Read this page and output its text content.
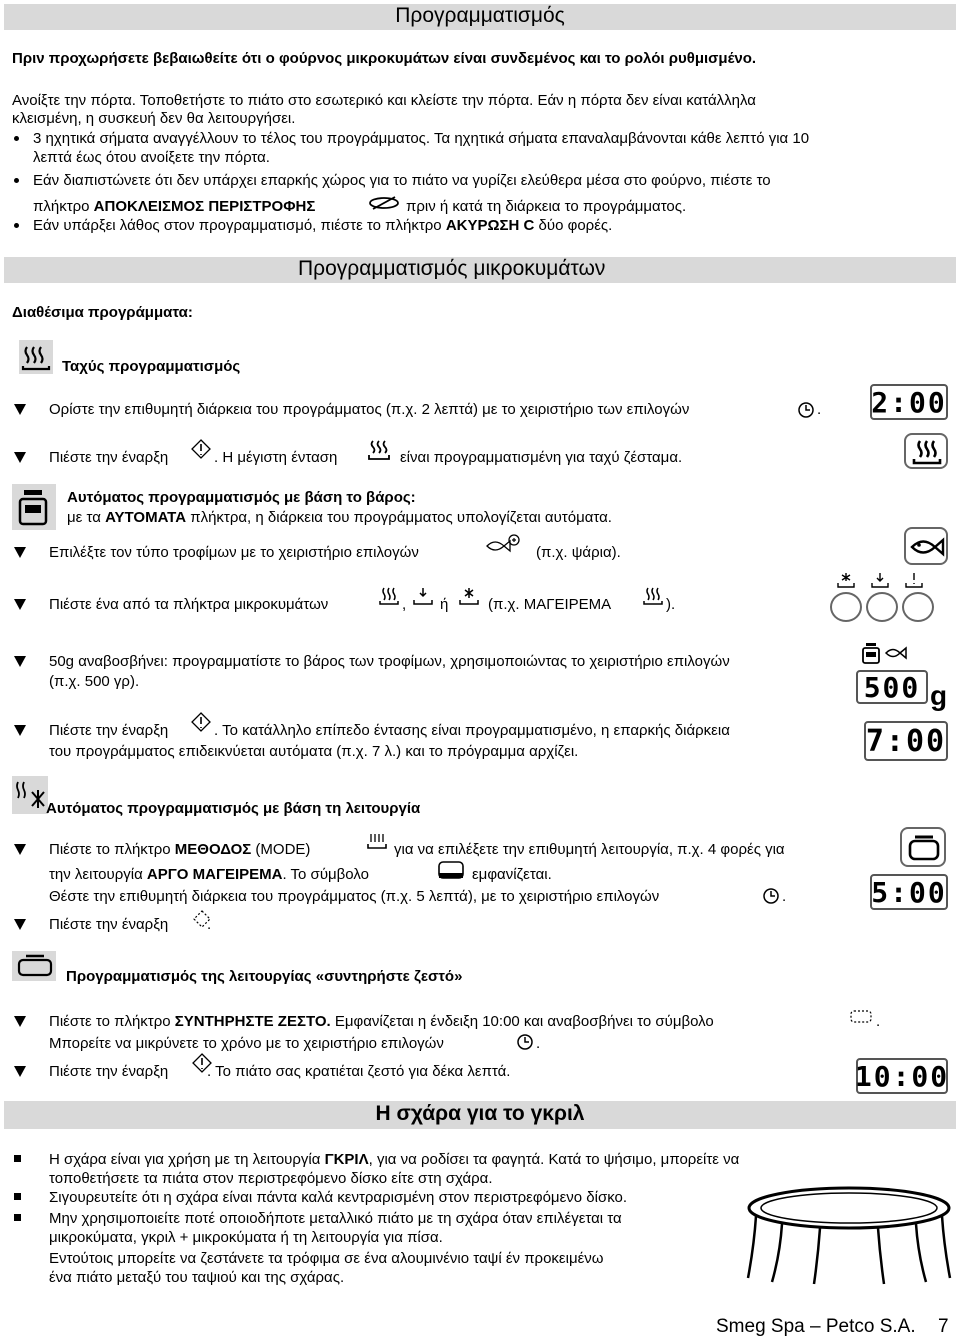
Προγραμματισμός
Πριν προχωρήσετε βεβαιωθείτε ότι ο φούρνος μικροκυμάτων είναι συνδεμένος και το ρολόι ρυθμισμένο.
Ανοίξτε την πόρτα. Τοποθετήστε το πιάτο στο εσωτερικό και κλείστε την πόρτα. Εάν η πόρτα δεν είναι κατάλληλα
κλεισμένη, η συσκευή δεν θα λειτουργήσει.
3 ηχητικά σήματα αναγγέλλουν το τέλος του προγράμματος. Τα ηχητικά σήματα επαναλαμβάνονται κάθε λεπτό για 10
λεπτά έως ότου ανοίξετε την πόρτα.
Εάν διαπιστώνετε ότι δεν υπάρχει επαρκής χώρος για το πιάτο να γυρίζει ελεύθερα μέσα στο φούρνο, πιέστε το
πλήκτρο ΑΠΟΚΛΕΙΣΜΟΣ ΠΕΡΙΣΤΡΟΦΗΣ	πριν ή κατά τη διάρκεια το προγράμματος.
Εάν υπάρξει λάθος στον προγραμματισμό, πιέστε το πλήκτρο ΑΚΥΡΩΣΗ C δύο φορές.
Προγραμματισμός μικροκυμάτων
Διαθέσιμα προγράμματα:
Ταχύς προγραμματισμός
Ορίστε την επιθυμητή διάρκεια του προγράμματος (π.χ. 2 λεπτά) με το χειριστήριο των επιλογών	. 2:00
Πιέστε την έναρξη	. Η μέγιστη ένταση	είναι προγραμματισμένη για ταχύ ζέσταμα.
Αυτόματος προγραμματισμός με βάση το βάρος:
με τα ΑΥΤΟΜΑΤΑ πλήκτρα, η διάρκεια του προγράμματος υπολογίζεται αυτόματα.
Επιλέξτε τον τύπο τροφίμων με το χειριστήριο επιλογών	(π.χ. ψάρια).
Πιέστε ένα από τα πλήκτρα μικροκυμάτων	, ή	(π.χ. ΜΑΓΕΙΡΕΜΑ	).
50g αναβοσβήνει: προγραμματίστε το βάρος των τροφίμων, χρησιμοποιώντας το χειριστήριο επιλογών
(π.χ. 500 γρ).	500 g
Πιέστε την έναρξη	. Το κατάλληλο επίπεδο έντασης είναι προγραμματισμένο, η επαρκής διάρκεια
του προγράμματος επιδεικνύεται αυτόματα (π.χ. 7 λ.) και το πρόγραμμα αρχίζει.	7:00
Αυτόματος προγραμματισμός με βάση τη λειτουργία
Πιέστε το πλήκτρο ΜΕΘΟΔΟΣ (MODE)	για να επιλέξετε την επιθυμητή λειτουργία, π.χ. 4 φορές για
την λειτουργία ΑΡΓΟ ΜΑΓΕΙΡΕΜΑ. Το σύμβολο	εμφανίζεται.
Θέστε την επιθυμητή διάρκεια του προγράμματος (π.χ. 5 λεπτά), με το χειριστήριο επιλογών	.	5:00
Πιέστε την έναρξη	.
Προγραμματισμός της λειτουργίας «συντηρήστε ζεστό»
Πιέστε το πλήκτρο ΣΥΝΤΗΡΗΣΤΕ ΖΕΣΤΟ. Εμφανίζεται η ένδειξη 10:00 και αναβοσβήνει το σύμβολο	.
Μπορείτε να μικρύνετε το χρόνο με το χειριστήριο επιλογών	.
Πιέστε την έναρξη	. Το πιάτο σας κρατιέται ζεστό για δέκα λεπτά.	10:00
Η σχάρα για το γκριλ
Η σχάρα είναι για χρήση με τη λειτουργία ΓΚΡΙΛ, για να ροδίσει τα φαγητά. Κατά το ψήσιμο, μπορείτε να
τοποθετήσετε τα πιάτα στον περιστρεφόμενο δίσκο είτε στη σχάρα.
Σιγουρευτείτε ότι η σχάρα είναι πάντα καλά κεντραρισμένη στον περιστρεφόμενο δίσκο.
Μην χρησιμοποιείτε ποτέ οποιοδήποτε μεταλλικό πιάτο με τη σχάρα όταν επιλέγεται τα
μικροκύματα, γκριλ + μικροκύματα ή τη λειτουργία για πίσα.
Εντούτοις μπορείτε να ζεστάνετε τα τρόφιμα σε ένα αλουμινένιο ταψί έν προκειμένω
ένα πιάτο μεταξύ του ταψιού και της σχάρας.
Smeg Spa – Petco S.A. 7
